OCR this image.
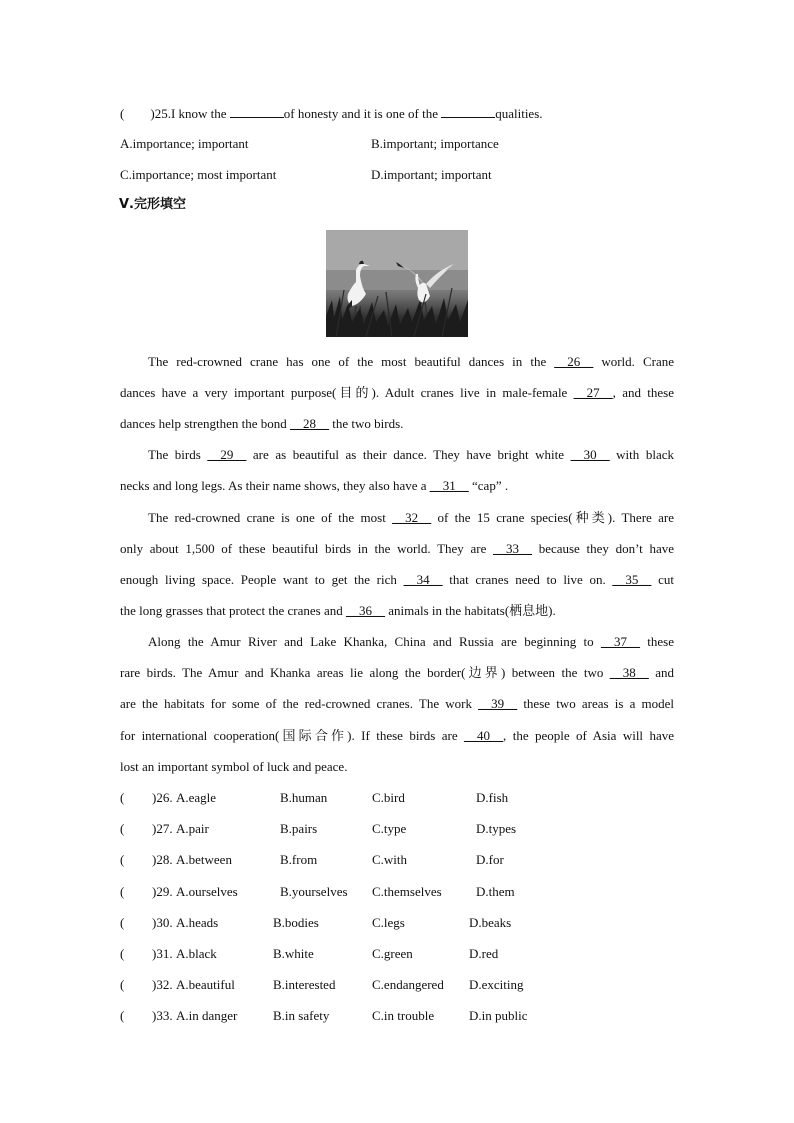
( )25.I know the	of honesty and it is one of the	qualities.
A.importance; important	B.important; importance
C.importance; most important	D.important; important
Ⅴ.完形填空
The red-crowned crane has one of the most beautiful dances in the __26__ world. Crane
dances have a very important purpose(目的). Adult cranes live in male-female __27__, and these
dances help strengthen the bond __28__ the two birds.
The birds __29__ are as beautiful as their dance. They have bright white __30__ with black
necks and long legs. As their name shows, they also have a __31__ “cap” .
The red-crowned crane is one of the most __32__ of the 15 crane species(种类). There are
only about 1,500 of these beautiful birds in the world. They are __33__ because they don’t have
enough living space. People want to get the rich __34__ that cranes need to live on. __35__ cut
the long grasses that protect the cranes and __36__ animals in the habitats(栖息地).
Along the Amur River and Lake Khanka, China and Russia are beginning to __37__ these
rare birds. The Amur and Khanka areas lie along the border(边界) between the two __38__ and
are the habitats for some of the red-crowned cranes. The work __39__ these two areas is a model
for international cooperation(国际合作). If these birds are __40__, the people of Asia will have
lost an important symbol of luck and peace.
( )26. A.eagle	B.human	C.bird	D.fish
( )27. A.pair	B.pairs	C.type	D.types
( )28. A.between	B.from	C.with	D.for
( )29. A.ourselves	B.yourselves C.themselves	D.them
( )30. A.heads	B.bodies	C.legs	D.beaks
( )31. A.black	B.white	C.green	D.red
( )32. A.beautiful	B.interested	C.endangered D.exciting
( )33. A.in danger	B.in safety	C.in trouble	D.in public
